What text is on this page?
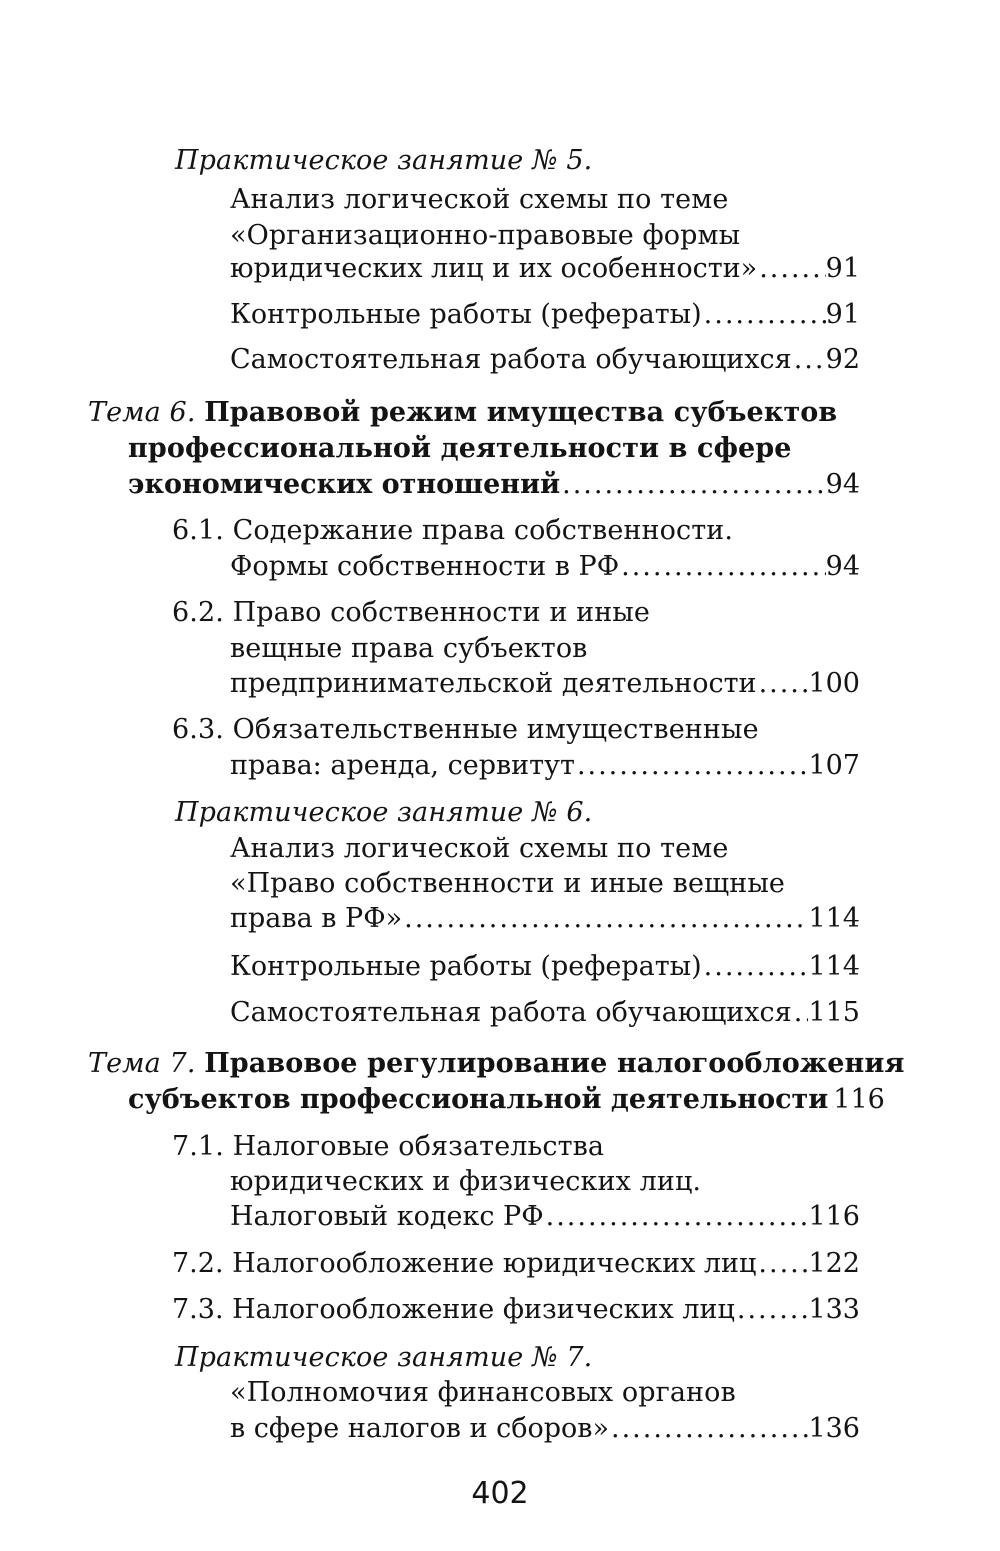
Практическое занятие № 5.
Анализ логической схемы по теме
«Организационно-правовые формы
юридических лиц и их особенности» .....	91
Контрольные работы (рефераты) .....	91
Самостоятельная работа обучающихся ..... 92
Тема 6. Правовой режим имущества субъектов
профессиональной деятельности в сфере
экономических отношений .....	94
6.1. Содержание права собственности.
Формы собственности в РФ .....	94
6.2. Право собственности и иные
вещные права субъектов
предпринимательской деятельности ..... 100
6.3. Обязательственные имущественные
права: аренда, сервитут .....	107
Практическое занятие № 6.
Анализ логической схемы по теме
«Право собственности и иные вещные
права в РФ» .....	114
Контрольные работы (рефераты) .....	114
Самостоятельная работа обучающихся ..... 115
Тема 7. Правовое регулирование налогообложения
субъектов профессиональной деятельности ..... 116
7.1. Налоговые обязательства
юридических и физических лиц.
Налоговый кодекс РФ .....	116
7.2. Налогообложение юридических лиц ..... 122
7.3. Налогообложение физических лиц .....	133
Практическое занятие № 7.
«Полномочия финансовых органов
в сфере налогов и сборов» .....	136
402
